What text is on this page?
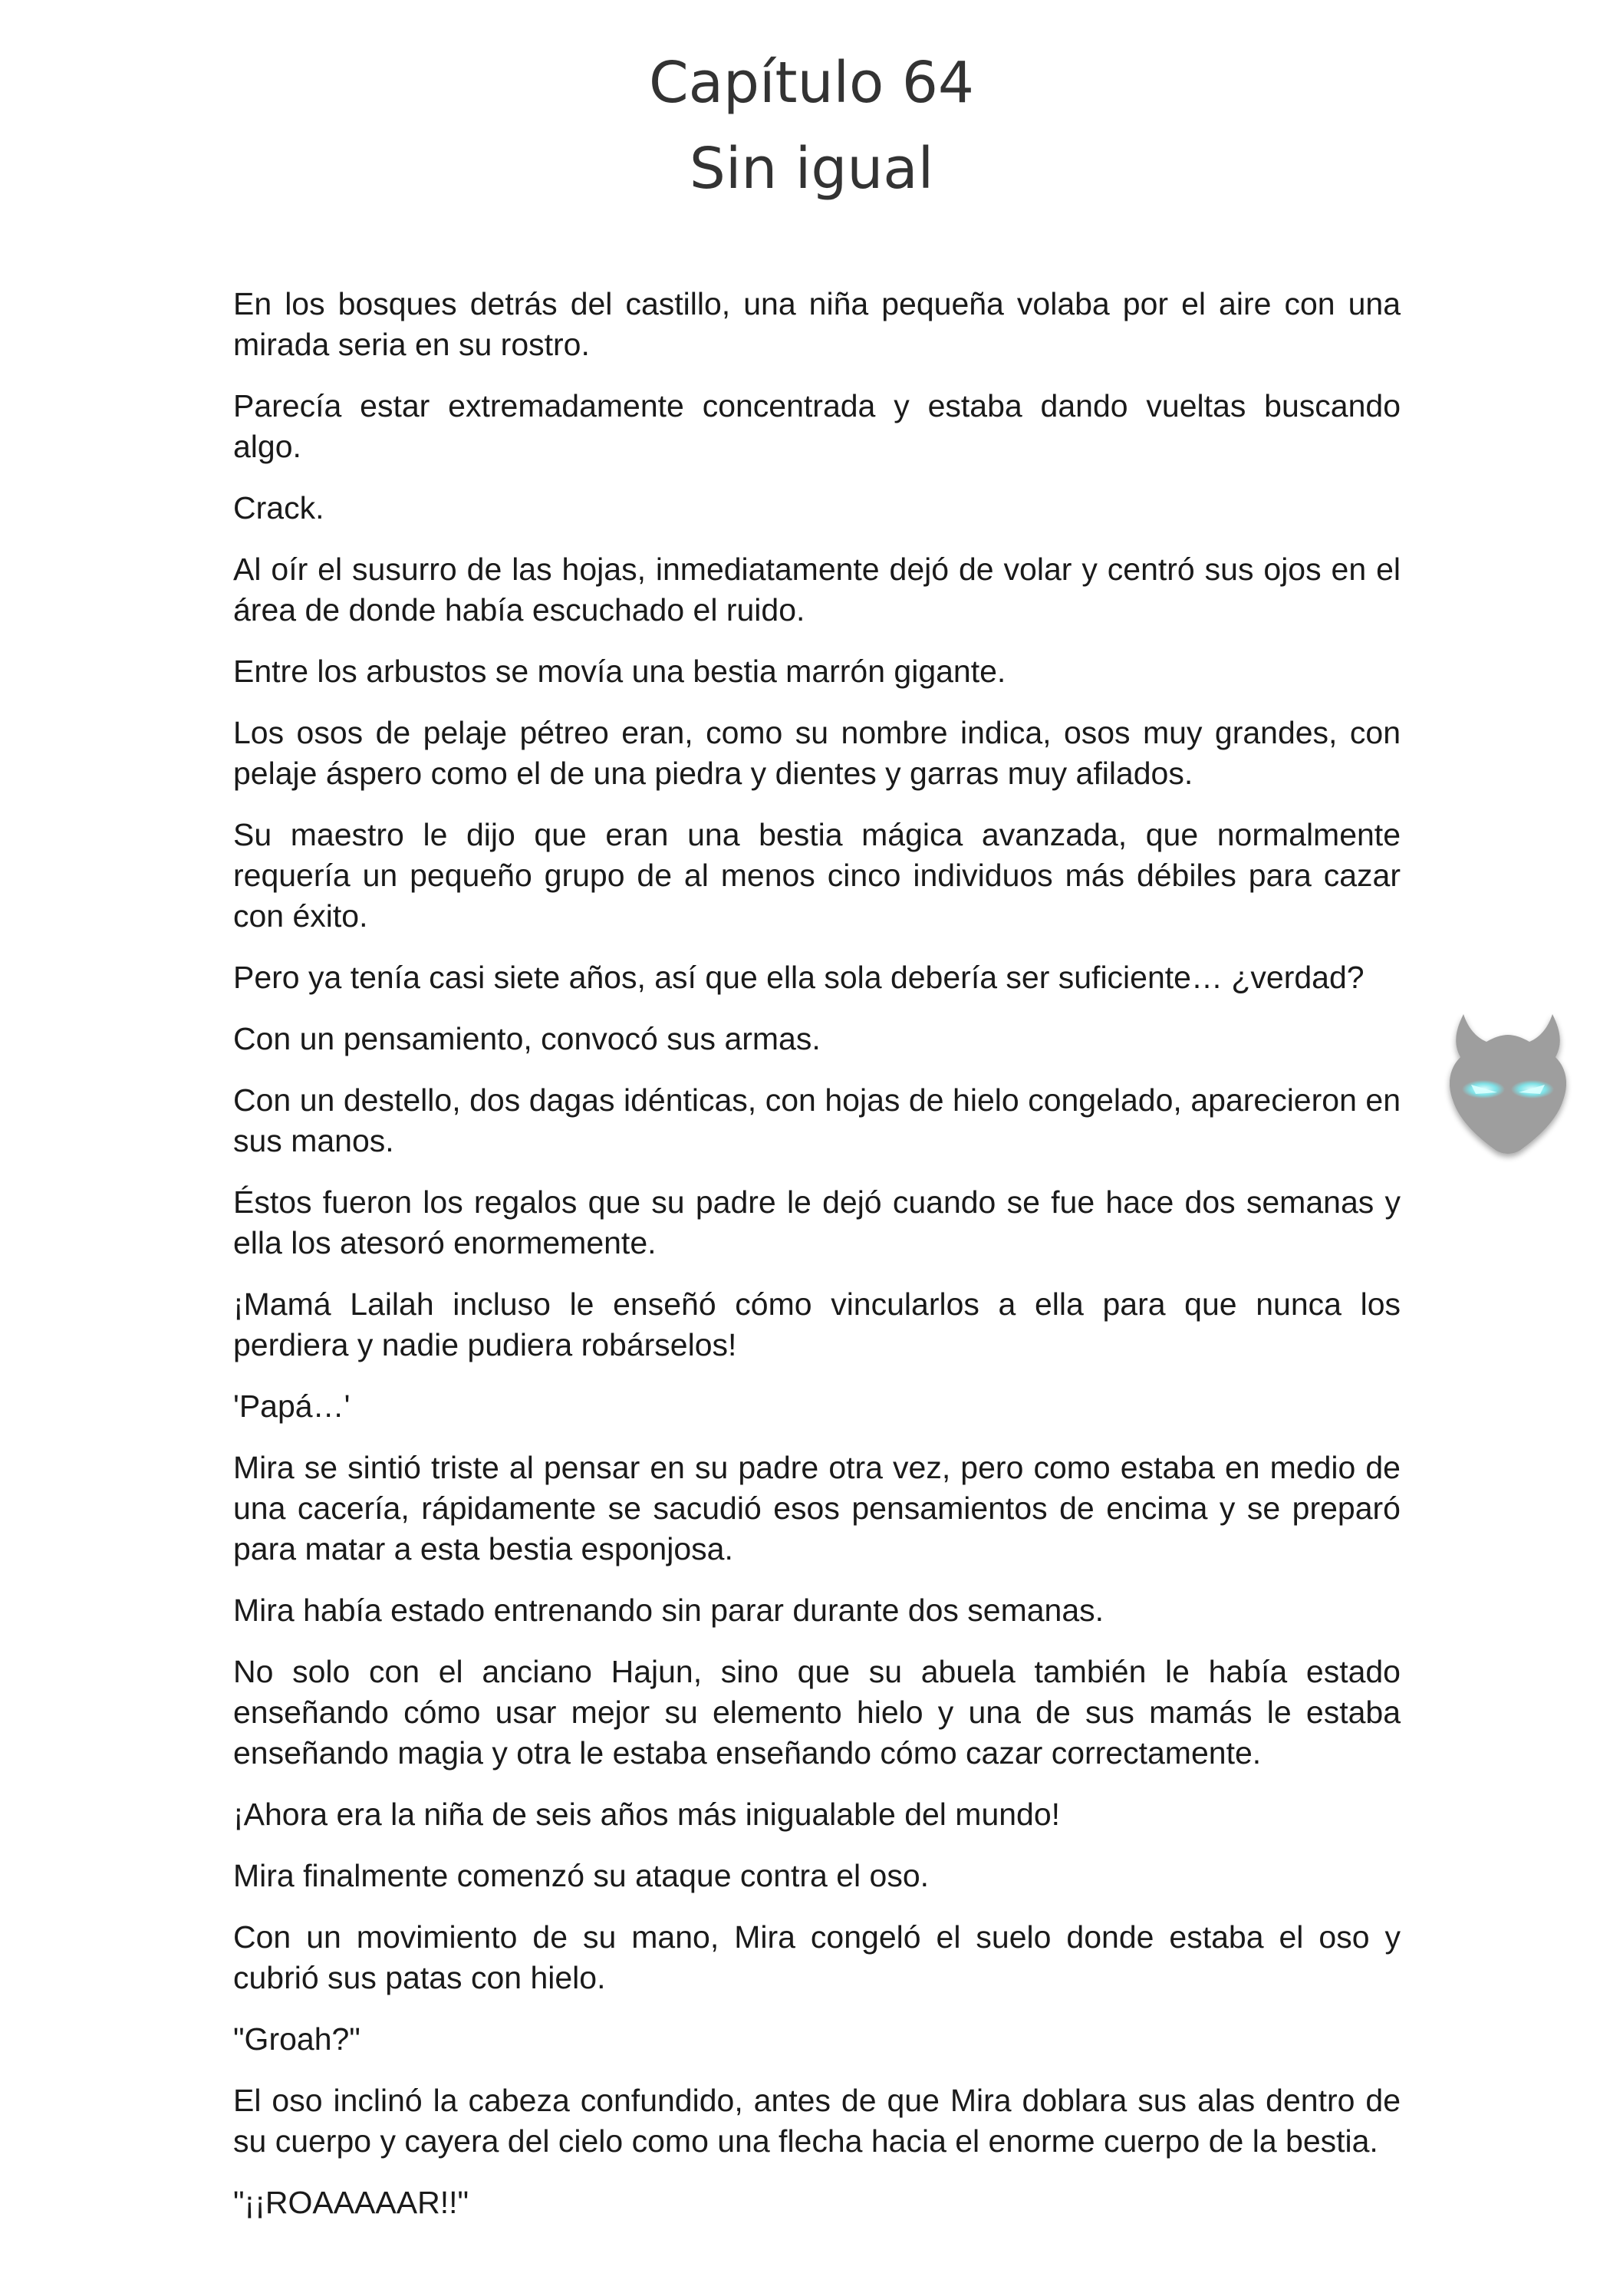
Capítulo 64
Sin igual

En los bosques detrás del castillo, una niña pequeña volaba por el aire con una mirada seria en su rostro.

Parecía estar extremadamente concentrada y estaba dando vueltas buscando algo.

Crack.

Al oír el susurro de las hojas, inmediatamente dejó de volar y centró sus ojos en el área de donde había escuchado el ruido.

Entre los arbustos se movía una bestia marrón gigante.

Los osos de pelaje pétreo eran, como su nombre indica, osos muy grandes, con pelaje áspero como el de una piedra y dientes y garras muy afilados.

Su maestro le dijo que eran una bestia mágica avanzada, que normalmente requería un pequeño grupo de al menos cinco individuos más débiles para cazar con éxito.

Pero ya tenía casi siete años, así que ella sola debería ser suficiente… ¿verdad?

Con un pensamiento, convocó sus armas.

Con un destello, dos dagas idénticas, con hojas de hielo congelado, aparecieron en sus manos.

Éstos fueron los regalos que su padre le dejó cuando se fue hace dos semanas y ella los atesoró enormemente.

¡Mamá Lailah incluso le enseñó cómo vincularlos a ella para que nunca los perdiera y nadie pudiera robárselos!

'Papá…'

Mira se sintió triste al pensar en su padre otra vez, pero como estaba en medio de una cacería, rápidamente se sacudió esos pensamientos de encima y se preparó para matar a esta bestia esponjosa.

Mira había estado entrenando sin parar durante dos semanas.

No solo con el anciano Hajun, sino que su abuela también le había estado enseñando cómo usar mejor su elemento hielo y una de sus mamás le estaba enseñando magia y otra le estaba enseñando cómo cazar correctamente.

¡Ahora era la niña de seis años más inigualable del mundo!

Mira finalmente comenzó su ataque contra el oso.

Con un movimiento de su mano, Mira congeló el suelo donde estaba el oso y cubrió sus patas con hielo.

"Groah?"

El oso inclinó la cabeza confundido, antes de que Mira doblara sus alas dentro de su cuerpo y cayera del cielo como una flecha hacia el enorme cuerpo de la bestia.

"¡¡ROAAAAAR!!"
